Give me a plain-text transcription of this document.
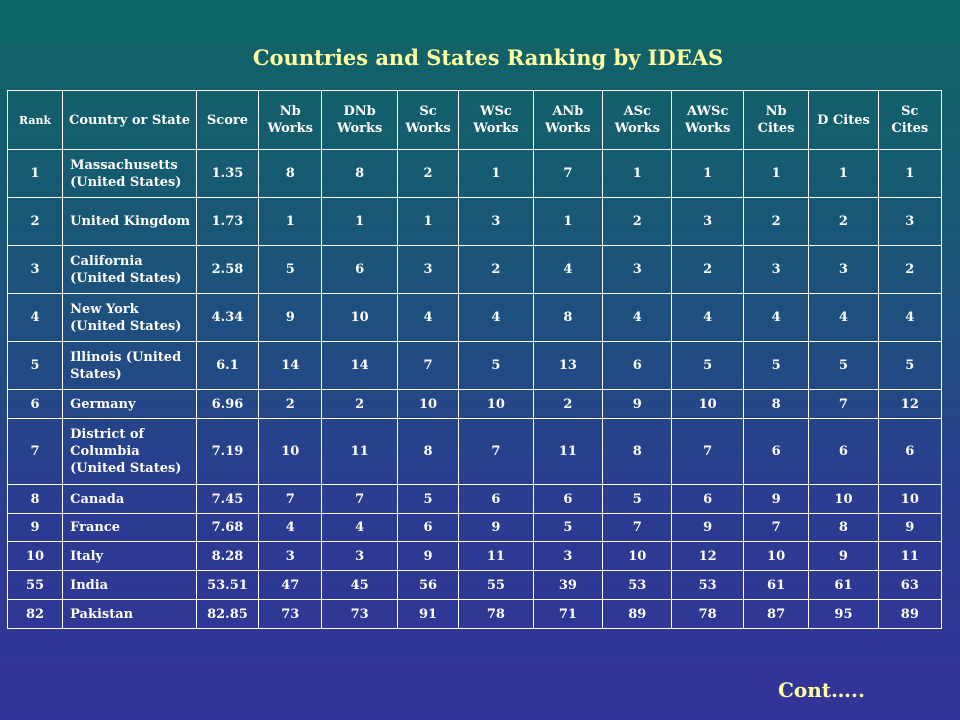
Countries and States Ranking by IDEAS
Rank	Country or State	Score	Nb Works	DNb Works	Sc Works	WSc Works	ANb Works	ASc Works	AWSc Works	Nb Cites	D Cites	Sc Cites
1	Massachusetts (United States)	1.35	8	8	2	1	7	1	1	1	1	1
2	United Kingdom	1.73	1	1	1	3	1	2	3	2	2	3
3	California (United States)	2.58	5	6	3	2	4	3	2	3	3	2
4	New York (United States)	4.34	9	10	4	4	8	4	4	4	4	4
5	Illinois (United States)	6.1	14	14	7	5	13	6	5	5	5	5
6	Germany	6.96	2	2	10	10	2	9	10	8	7	12
7	District of Columbia (United States)	7.19	10	11	8	7	11	8	7	6	6	6
8	Canada	7.45	7	7	5	6	6	5	6	9	10	10
9	France	7.68	4	4	6	9	5	7	9	7	8	9
10	Italy	8.28	3	3	9	11	3	10	12	10	9	11
55	India	53.51	47	45	56	55	39	53	53	61	61	63
82	Pakistan	82.85	73	73	91	78	71	89	78	87	95	89
Cont…..
